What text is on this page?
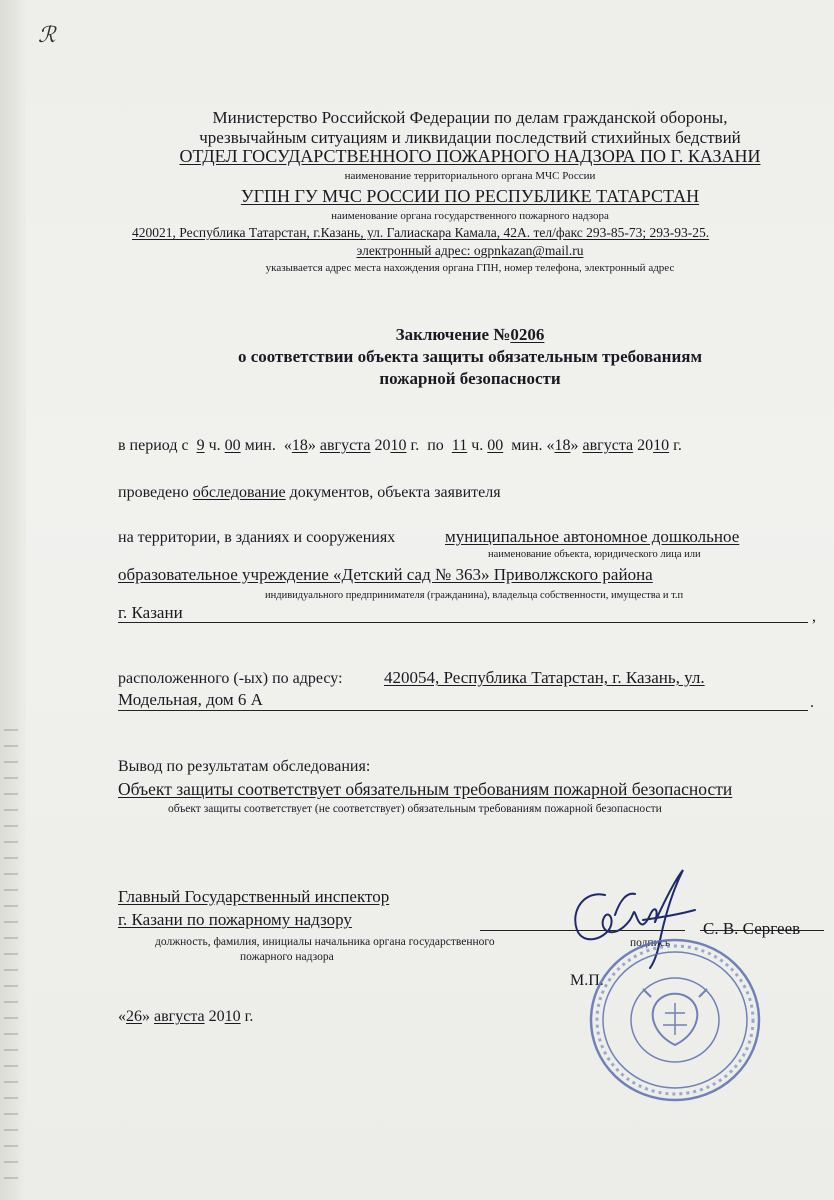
ℛ
Министерство Российской Федерации по делам гражданской обороны,
чрезвычайным ситуациям и ликвидации последствий стихийных бедствий
ОТДЕЛ ГОСУДАРСТВЕННОГО ПОЖАРНОГО НАДЗОРА ПО Г. КАЗАНИ
наименование территориального органа МЧС России
УГПН ГУ МЧС РОССИИ ПО РЕСПУБЛИКЕ ТАТАРСТАН
наименование органа государственного пожарного надзора
420021, Республика Татарстан, г.Казань, ул. Галиаскара Камала, 42А. тел/факс 293-85-73; 293-93-25.
электронный адрес: ogpnkazan@mail.ru
указывается адрес места нахождения органа ГПН, номер телефона, электронный адрес
Заключение №0206
о соответствии объекта защиты обязательным требованиям
пожарной безопасности
в период с 9 ч. 00 мин.  «18» августа 2010 г. по 11 ч. 00 мин. «18» августа 2010 г.
проведено обследование документов, объекта заявителя
на территории, в зданиях и сооружениях	муниципальное автономное дошкольное
наименование объекта, юридического лица или
образовательное учреждение «Детский сад № 363» Приволжского района
индивидуального предпринимателя (гражданина), владельца собственности, имущества и т.п
г. Казани	,
расположенного (-ых) по адресу: 420054, Республика Татарстан, г. Казань, ул.
Модельная, дом 6 А	.
Вывод по результатам обследования:
Объект защиты соответствует обязательным требованиям пожарной безопасности
объект защиты соответствует (не соответствует) обязательным требованиям пожарной безопасности
Главный Государственный инспектор
г. Казани по пожарному надзору	С. В. Сергеев
должность, фамилия, инициалы начальника органа государственного
пожарного надзора
подпись
М.П.
«26» августа 2010 г.
